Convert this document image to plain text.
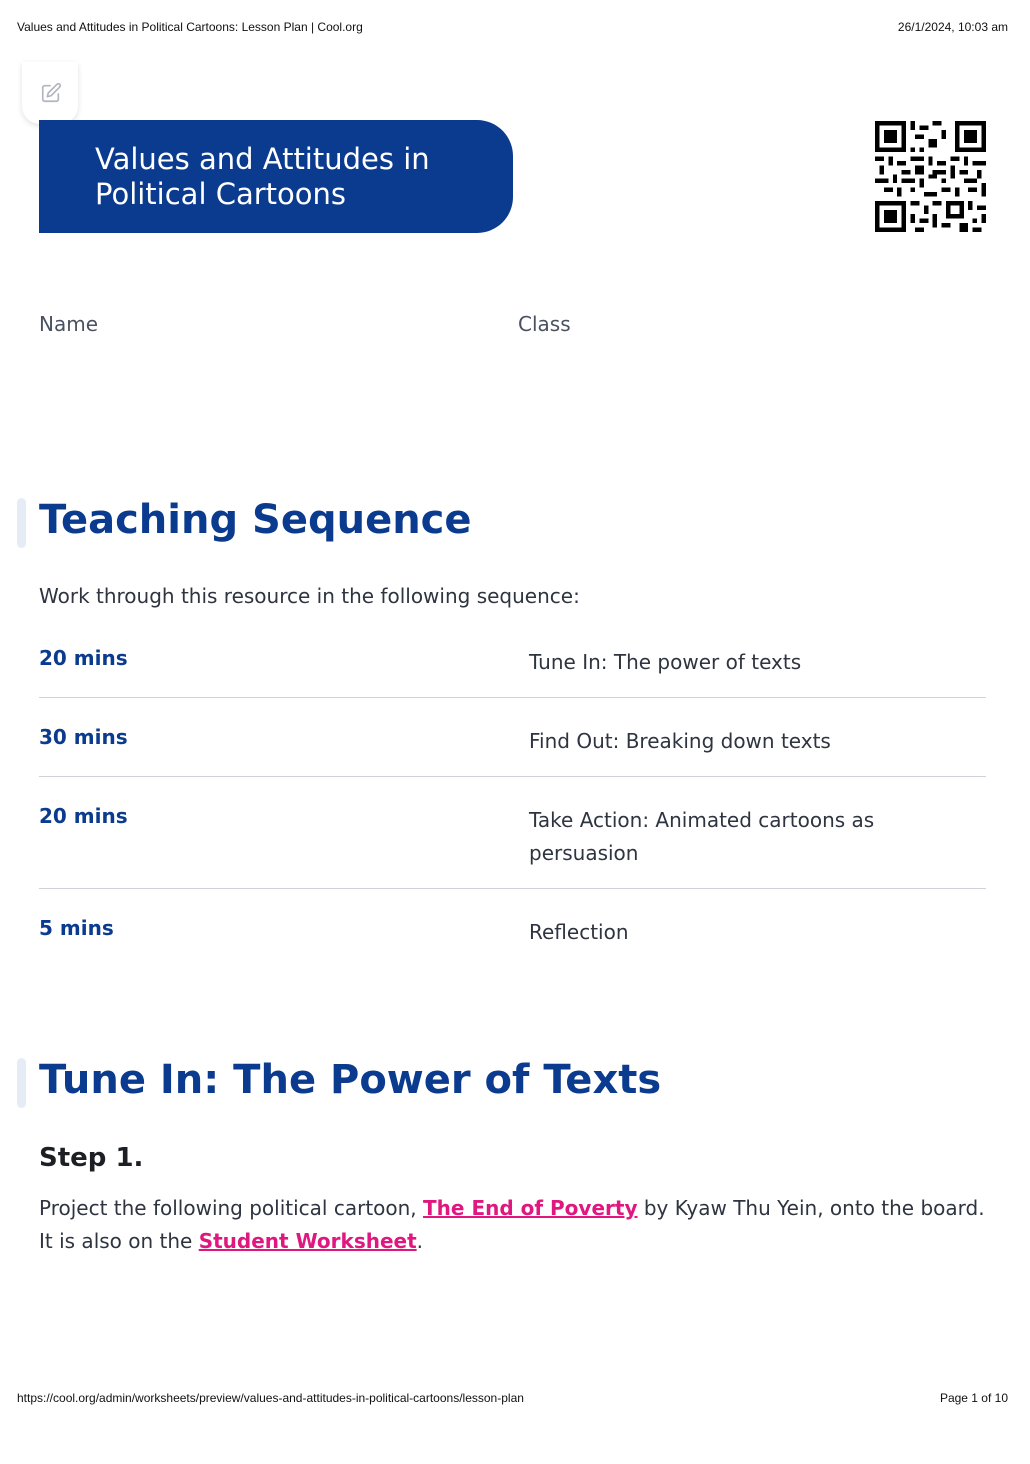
Values and Attitudes in Political Cartoons: Lesson Plan | Cool.org	26/1/2024, 10:03 am
Values and Attitudes in
Political Cartoons
Name	Class
Teaching Sequence

Work through this resource in the following sequence:

20 mins	Tune In: The power of texts
30 mins	Find Out: Breaking down texts
20 mins	Take Action: Animated cartoons as persuasion
5 mins	Reflection
Tune In: The Power of Texts
Step 1.

Project the following political cartoon, The End of Poverty by Kyaw Thu Yein, onto the board. It is also on the Student Worksheet.

https://cool.org/admin/worksheets/preview/values-and-attitudes-in-political-cartoons/lesson-plan	Page 1 of 10
